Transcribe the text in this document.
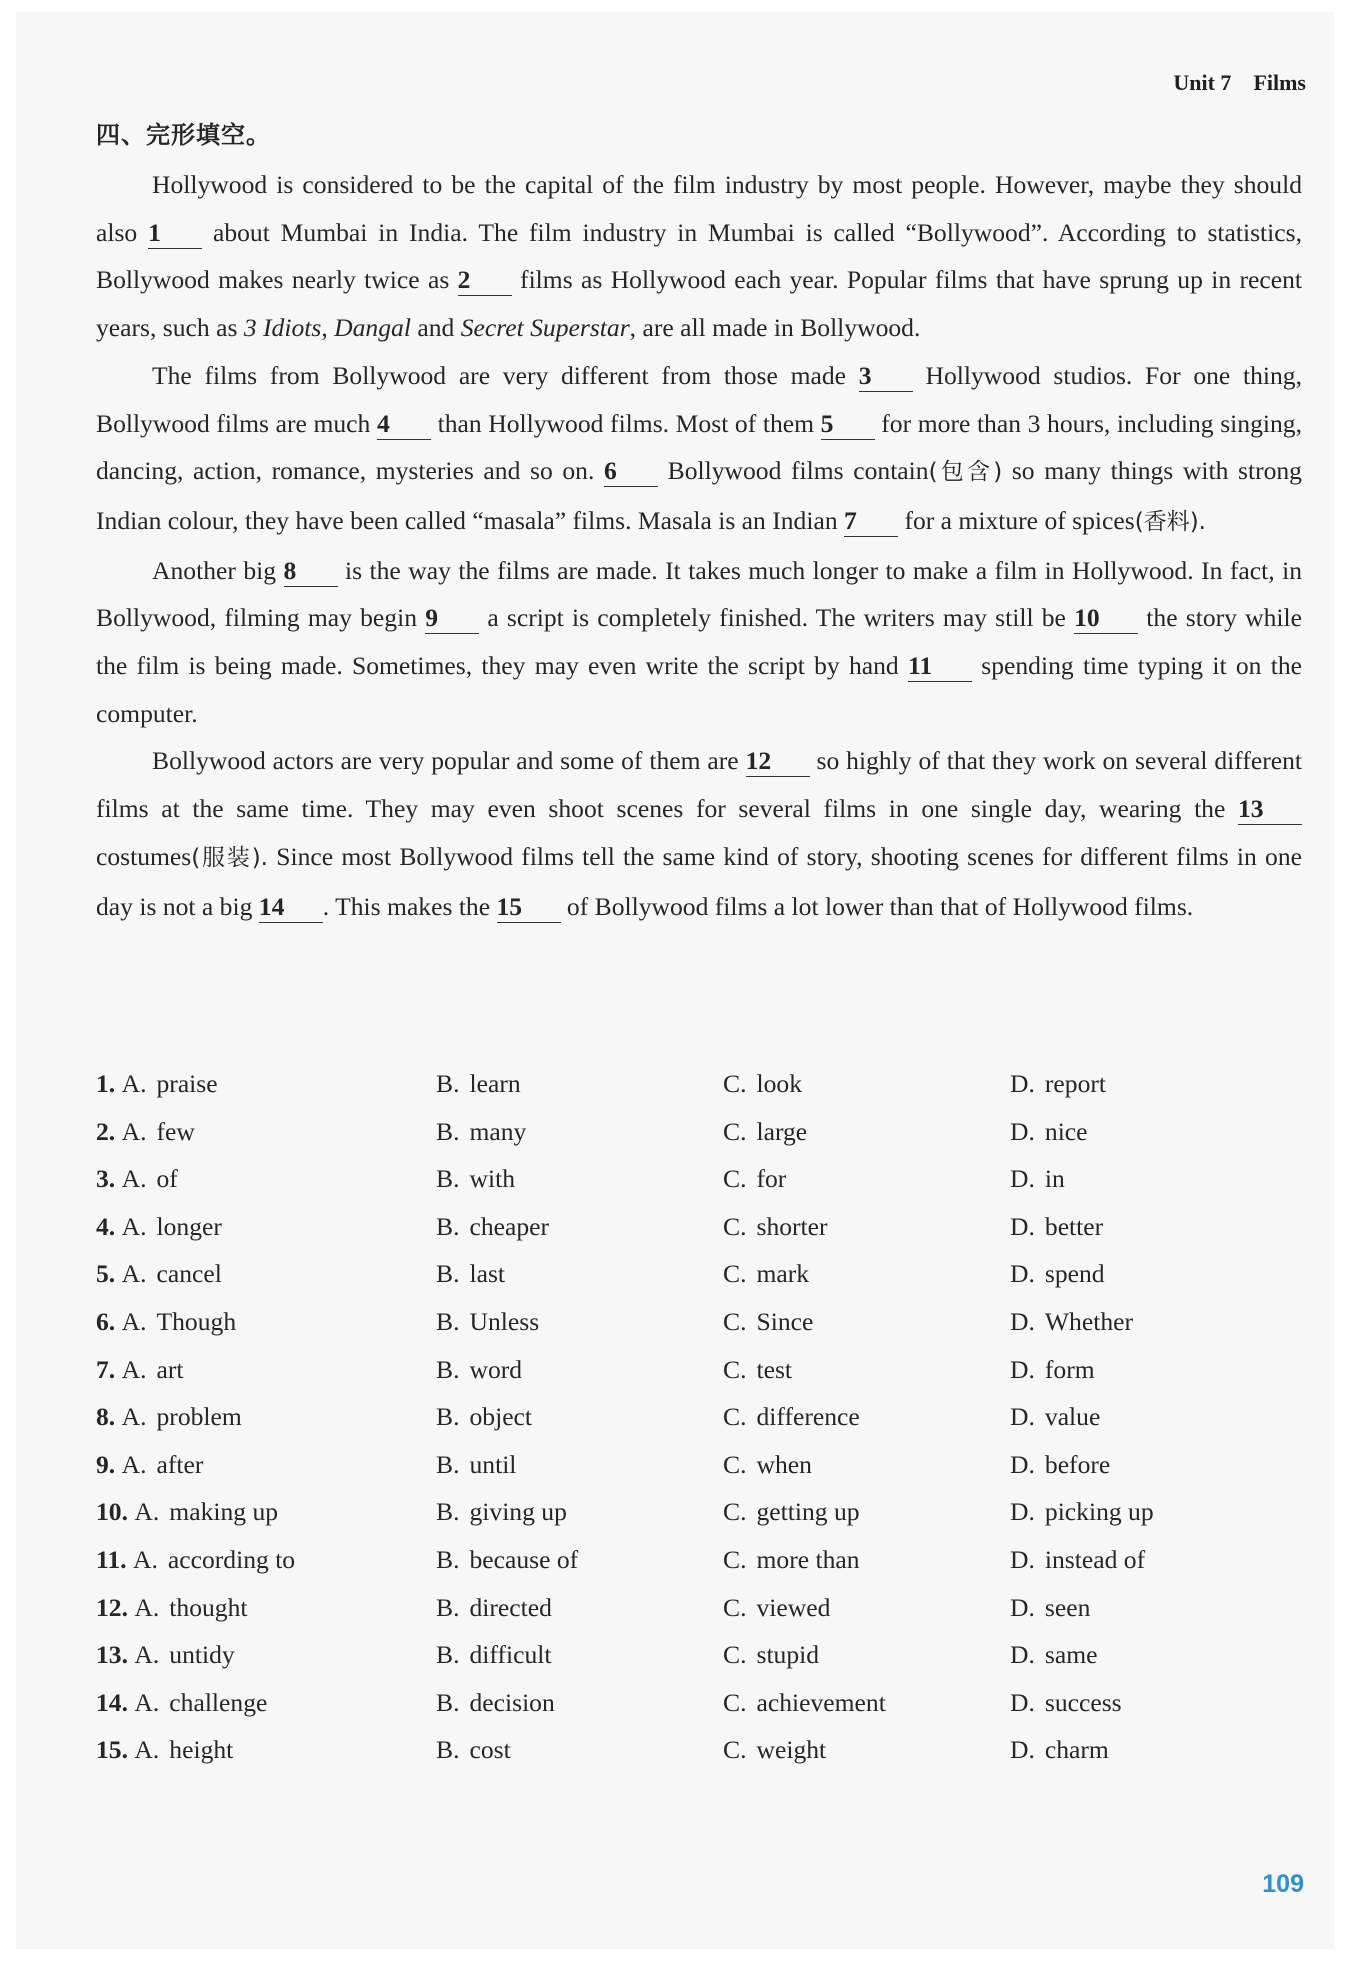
Unit 7 Films
四、完形填空。

Hollywood is considered to be the capital of the film industry by most people. However, maybe they should also 1 about Mumbai in India. The film industry in Mumbai is called “Bollywood”. According to statistics, Bollywood makes nearly twice as 2 films as Hollywood each year. Popular films that have sprung up in recent years, such as 3 Idiots, Dangal and Secret Superstar, are all made in Bollywood.

The films from Bollywood are very different from those made 3 Hollywood studios. For one thing, Bollywood films are much 4 than Hollywood films. Most of them 5 for more than 3 hours, including singing, dancing, action, romance, mysteries and so on. 6 Bollywood films contain(包含) so many things with strong Indian colour, they have been called “masala” films. Masala is an Indian 7 for a mixture of spices(香料).

Another big 8 is the way the films are made. It takes much longer to make a film in Hollywood. In fact, in Bollywood, filming may begin 9 a script is completely finished. The writers may still be 10 the story while the film is being made. Sometimes, they may even write the script by hand 11 spending time typing it on the computer.

Bollywood actors are very popular and some of them are 12 so highly of that they work on several different films at the same time. They may even shoot scenes for several films in one single day, wearing the 13 costumes(服装). Since most Bollywood films tell the same kind of story, shooting scenes for different films in one day is not a big 14 . This makes the 15 of Bollywood films a lot lower than that of Hollywood films.

1. A. praise	B. learn	C. look	D. report
2. A. few	B. many	C. large	D. nice
3. A. of	B. with	C. for	D. in
4. A. longer	B. cheaper	C. shorter	D. better
5. A. cancel	B. last	C. mark	D. spend
6. A. Though	B. Unless	C. Since	D. Whether
7. A. art	B. word	C. test	D. form
8. A. problem	B. object	C. difference	D. value
9. A. after	B. until	C. when	D. before
10. A. making up	B. giving up	C. getting up	D. picking up
11. A. according to	B. because of	C. more than	D. instead of
12. A. thought	B. directed	C. viewed	D. seen
13. A. untidy	B. difficult	C. stupid	D. same
14. A. challenge	B. decision	C. achievement	D. success
15. A. height	B. cost	C. weight	D. charm
109
